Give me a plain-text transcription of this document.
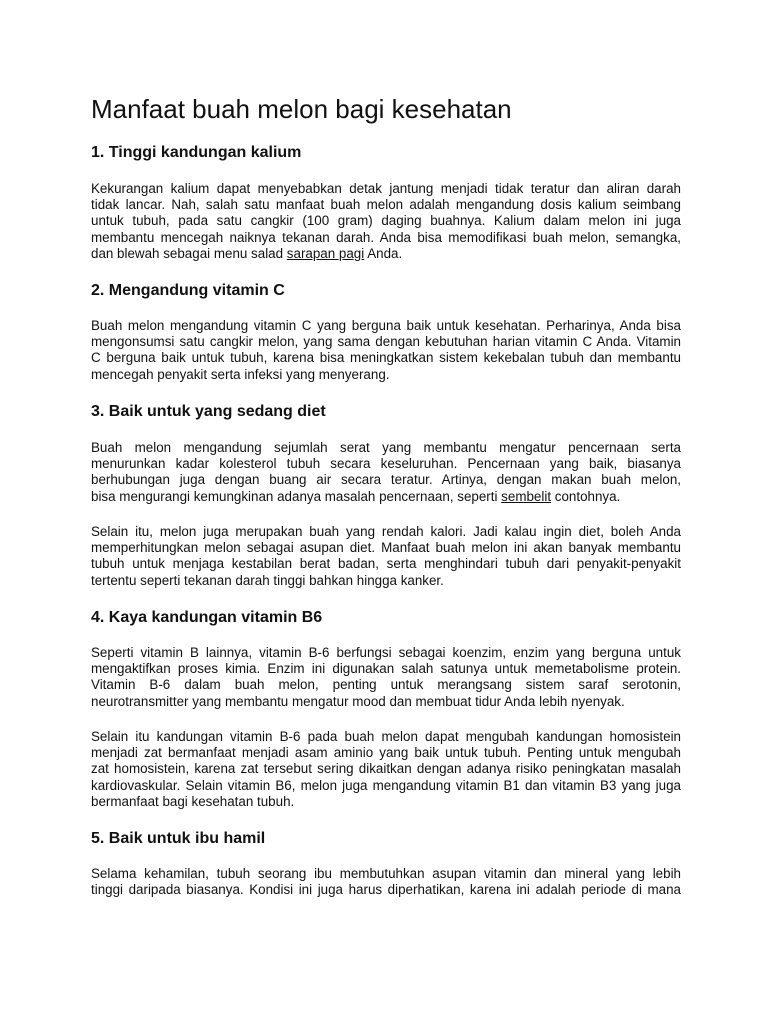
Manfaat buah melon bagi kesehatan
1. Tinggi kandungan kalium
Kekurangan kalium dapat menyebabkan detak jantung menjadi tidak teratur dan aliran darah
tidak lancar. Nah, salah satu manfaat buah melon adalah mengandung dosis kalium seimbang
untuk tubuh, pada satu cangkir (100 gram) daging buahnya. Kalium dalam melon ini juga
membantu mencegah naiknya tekanan darah. Anda bisa memodifikasi buah melon, semangka,
dan blewah sebagai menu salad sarapan pagi Anda.
2. Mengandung vitamin C
Buah melon mengandung vitamin C yang berguna baik untuk kesehatan. Perharinya, Anda bisa
mengonsumsi satu cangkir melon, yang sama dengan kebutuhan harian vitamin C Anda. Vitamin
C berguna baik untuk tubuh, karena bisa meningkatkan sistem kekebalan tubuh dan membantu
mencegah penyakit serta infeksi yang menyerang.
3. Baik untuk yang sedang diet
Buah melon mengandung sejumlah serat yang membantu mengatur pencernaan serta
menurunkan kadar kolesterol tubuh secara keseluruhan. Pencernaan yang baik, biasanya
berhubungan juga dengan buang air secara teratur. Artinya, dengan makan buah melon,
bisa mengurangi kemungkinan adanya masalah pencernaan, seperti sembelit contohnya.
Selain itu, melon juga merupakan buah yang rendah kalori. Jadi kalau ingin diet, boleh Anda
memperhitungkan melon sebagai asupan diet. Manfaat buah melon ini akan banyak membantu
tubuh untuk menjaga kestabilan berat badan, serta menghindari tubuh dari penyakit-penyakit
tertentu seperti tekanan darah tinggi bahkan hingga kanker.
4. Kaya kandungan vitamin B6
Seperti vitamin B lainnya, vitamin B-6 berfungsi sebagai koenzim, enzim yang berguna untuk
mengaktifkan proses kimia. Enzim ini digunakan salah satunya untuk memetabolisme protein.
Vitamin B-6 dalam buah melon, penting untuk merangsang sistem saraf serotonin,
neurotransmitter yang membantu mengatur mood dan membuat tidur Anda lebih nyenyak.
Selain itu kandungan vitamin B-6 pada buah melon dapat mengubah kandungan homosistein
menjadi zat bermanfaat menjadi asam aminio yang baik untuk tubuh. Penting untuk mengubah
zat homosistein, karena zat tersebut sering dikaitkan dengan adanya risiko peningkatan masalah
kardiovaskular. Selain vitamin B6, melon juga mengandung vitamin B1 dan vitamin B3 yang juga
bermanfaat bagi kesehatan tubuh.
5. Baik untuk ibu hamil
Selama kehamilan, tubuh seorang ibu membutuhkan asupan vitamin dan mineral yang lebih
tinggi daripada biasanya. Kondisi ini juga harus diperhatikan, karena ini adalah periode di mana
